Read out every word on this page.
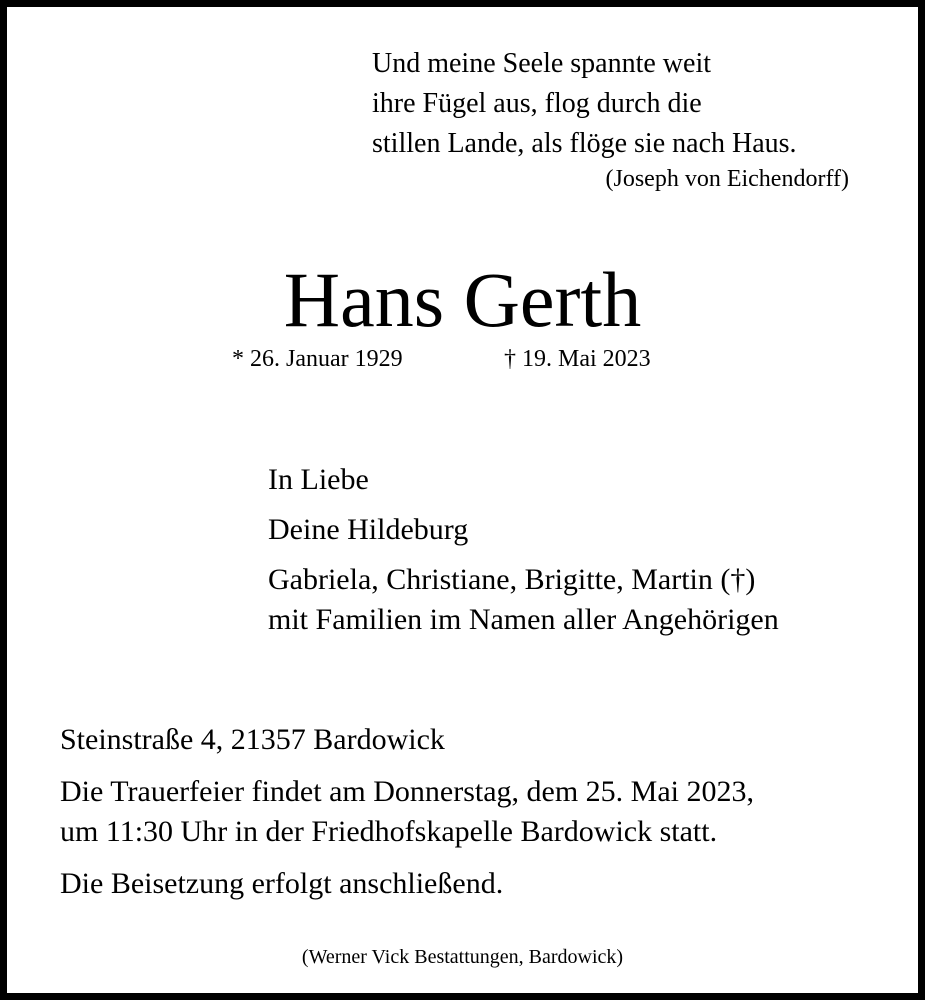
Und meine Seele spannte weit
ihre Fügel aus, flog durch die
stillen Lande, als flöge sie nach Haus.
(Joseph von Eichendorff)
Hans Gerth
* 26. Januar 1929	† 19. Mai 2023
In Liebe
Deine Hildeburg
Gabriela, Christiane, Brigitte, Martin (†)
mit Familien im Namen aller Angehörigen
Steinstraße 4, 21357 Bardowick
Die Trauerfeier findet am Donnerstag, dem 25. Mai 2023,
um 11:30 Uhr in der Friedhofskapelle Bardowick statt.
Die Beisetzung erfolgt anschließend.
(Werner Vick Bestattungen, Bardowick)
